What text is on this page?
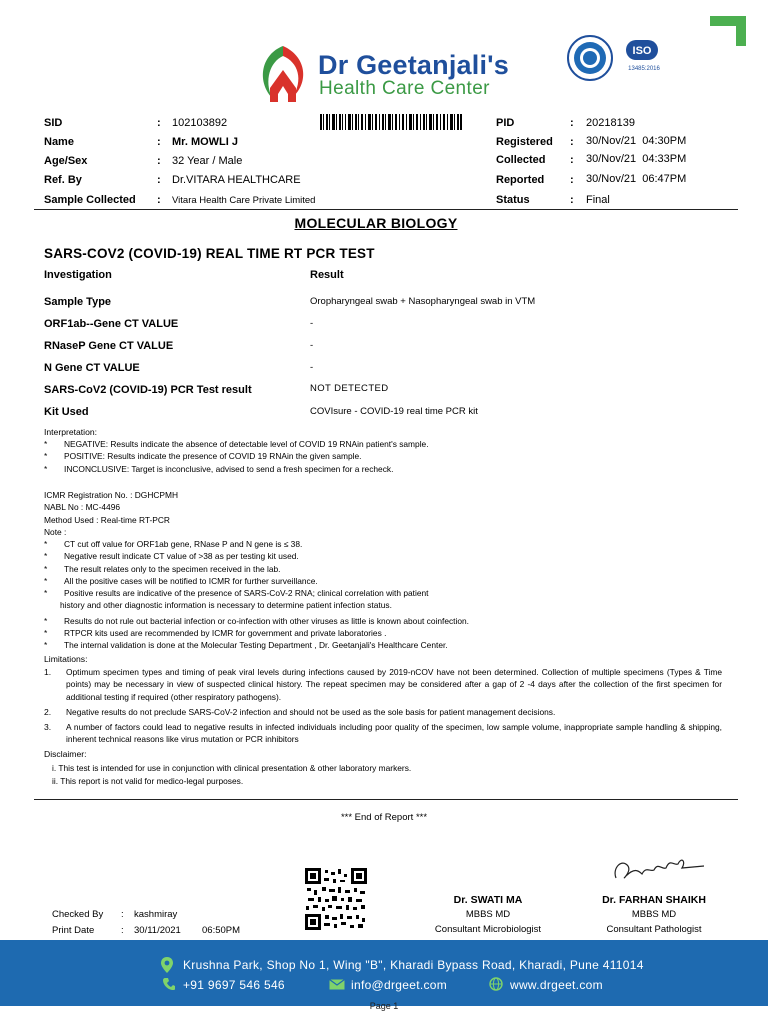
Dr Geetanjali's
Health Care Center
ISO
13485:2016
SID	: 102103892
Name	: Mr. MOWLI J
Age/Sex	: 32 Year / Male
Ref. By	: Dr.VITARA HEALTHCARE
Sample Collected : Vitara Health Care Private Limited
PID	: 20218139
Registered : 30/Nov/21  04:30PM
Collected : 30/Nov/21  04:33PM
Reported : 30/Nov/21  06:47PM
Status	: Final
MOLECULAR BIOLOGY
SARS-COV2 (COVID-19) REAL TIME RT PCR TEST
Investigation	Result
Sample Type	Oropharyngeal swab + Nasopharyngeal swab in VTM
ORF1ab--Gene CT VALUE	-
RNaseP Gene CT VALUE	-
N Gene CT VALUE	-
SARS-CoV2 (COVID-19) PCR Test result	NOT DETECTED
Kit Used	COVIsure - COVID-19 real time PCR kit
Interpretation:
* NEGATIVE: Results indicate the absence of detectable level of COVID 19 RNAin patient's sample.
* POSITIVE: Results indicate the presence of COVID 19 RNAin the given sample.
* INCONCLUSIVE: Target is inconclusive, advised to send a fresh specimen for a recheck.
ICMR Registration No. : DGHCPMH
NABL No : MC-4496
Method Used : Real-time RT-PCR
Note :
* CT cut off value for ORF1ab gene, RNase P and N gene is ≤ 38.
* Negative result indicate CT value of >38 as per testing kit used.
* The result relates only to the specimen received in the lab.
* All the positive cases will be notified to ICMR for further surveillance.
* Positive results are indicative of the presence of SARS-CoV-2 RNA; clinical correlation with patient
history and other diagnostic information is necessary to determine patient infection status.
* Results do not rule out bacterial infection or co-infection with other viruses as little is known about coinfection.
* RTPCR kits used are recommended by ICMR for government and private laboratories .
* The internal validation is done at the Molecular Testing Department , Dr. Geetanjali's Healthcare Center.
Limitations:
1. Optimum specimen types and timing of peak viral levels during infections caused by 2019-nCOV have not been determined. Collection of multiple specimens (Types & Time points) may be necessary in view of suspected clinical history. The repeat specimen may be considered after a gap of 2 -4 days after the collection of the first specimen for additional testing if required (other respiratory pathogens).
2. Negative results do not preclude SARS-CoV-2 infection and should not be used as the sole basis for patient management decisions.
3. A number of factors could lead to negative results in infected individuals including poor quality of the specimen, low sample volume, inappropriate sample handling & shipping, inherent technical reasons like virus mutation or PCR inhibitors
Disclaimer:
i. This test is intended for use in conjunction with clinical presentation & other laboratory markers.
ii. This report is not valid for medico-legal purposes.
*** End of Report ***
Dr. SWATI MA
MBBS MD
Consultant Microbiologist
Dr. FARHAN SHAIKH
MBBS MD
Consultant Pathologist
Checked By : kashmiray
Print Date	: 30/11/2021 06:50PM
Krushna Park, Shop No 1, Wing "B", Kharadi Bypass Road, Kharadi, Pune 411014
+91 9697 546 546	info@drgeet.com	www.drgeet.com
Page 1
